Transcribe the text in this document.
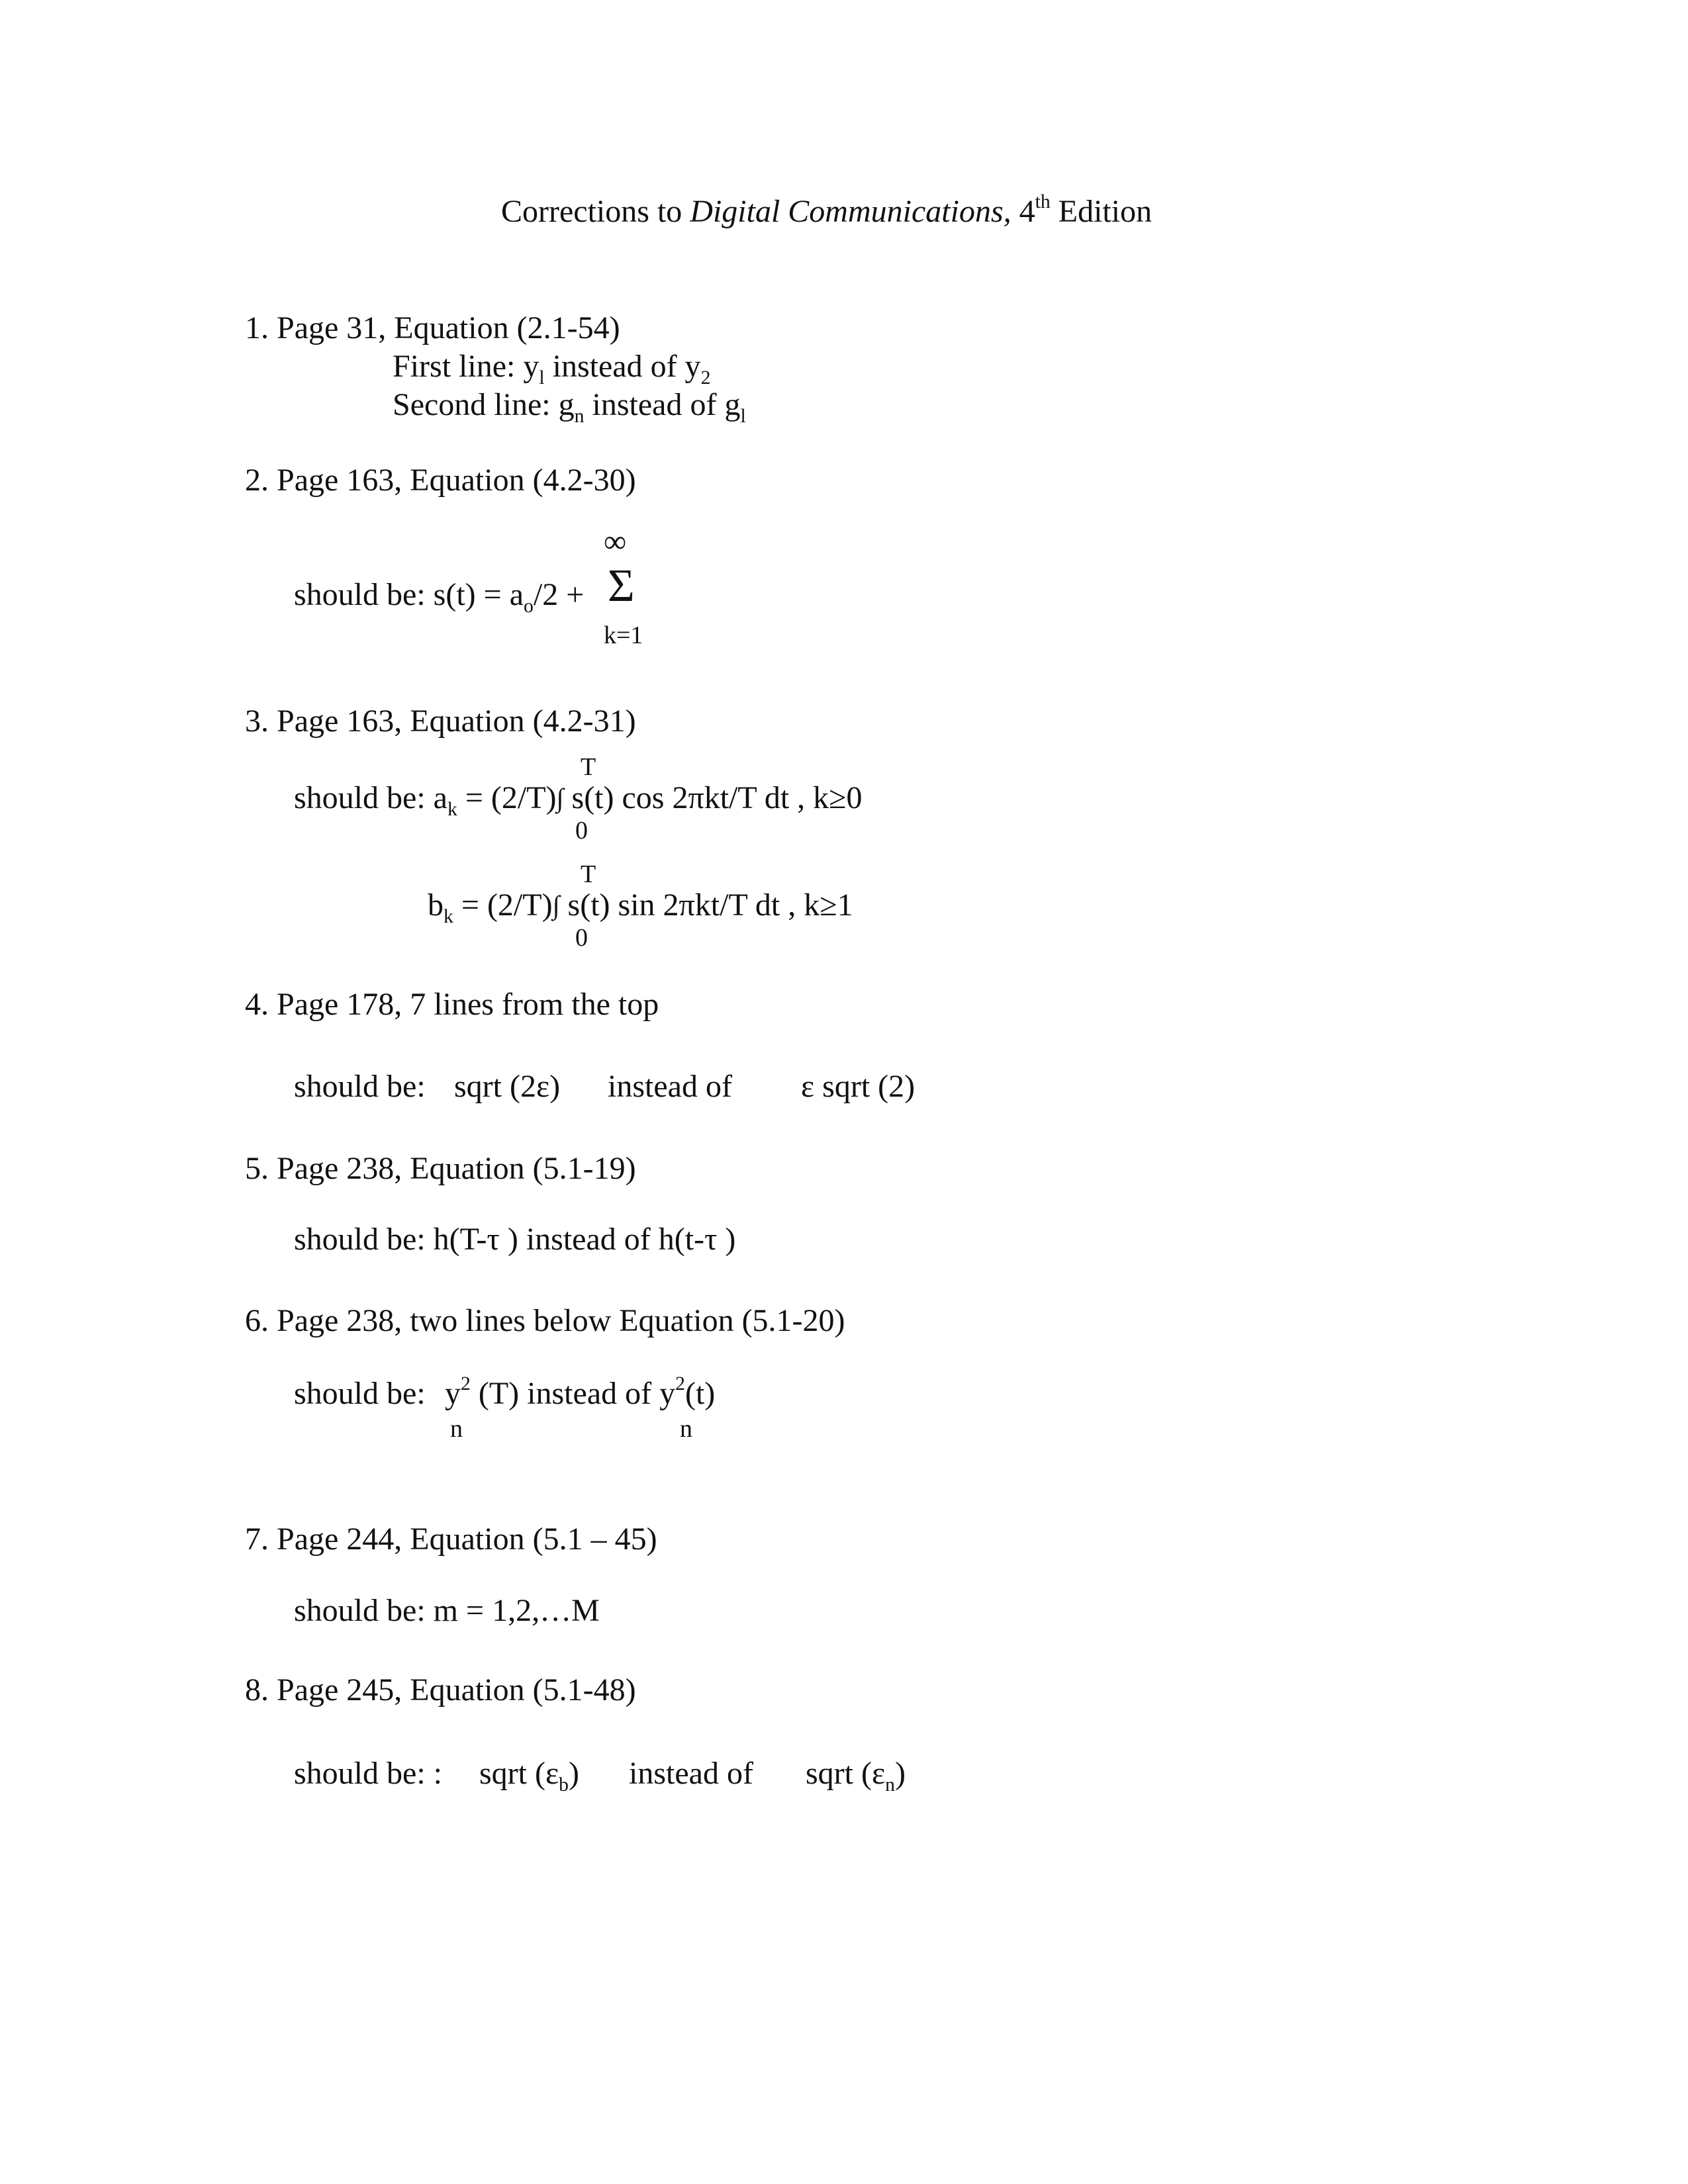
Corrections to Digital Communications, 4th Edition
1. Page 31, Equation (2.1-54)
First line: $y_l$ instead of $y_2$
Second line: $g_n$ instead of $g_l$
2. Page 163, Equation (4.2-30)
∞
should be: $s(t) = a_o/2 + \Sigma$
k=1
3. Page 163, Equation (4.2-31)
T
should be: $a_k = (2/T)\int$ s(t) cos 2πkt/T dt , k≥0
0
T
$b_k = (2/T)\int$ s(t) sin 2πkt/T dt , k≥1
0
4. Page 178, 7 lines from the top
should be: sqrt (2ε) instead of ε sqrt (2)
5. Page 238, Equation (5.1-19)
should be: h(T-τ ) instead of h(t-τ )
6. Page 238, two lines below Equation (5.1-20)
should be: $y^2$ (T) instead of $y^2(t)$
n	n
7. Page 244, Equation (5.1 – 45)
should be: m = 1,2,…M
8. Page 245, Equation (5.1-48)
should be: : sqrt $(\varepsilon_b)$ instead of sqrt $(\varepsilon_n)$
